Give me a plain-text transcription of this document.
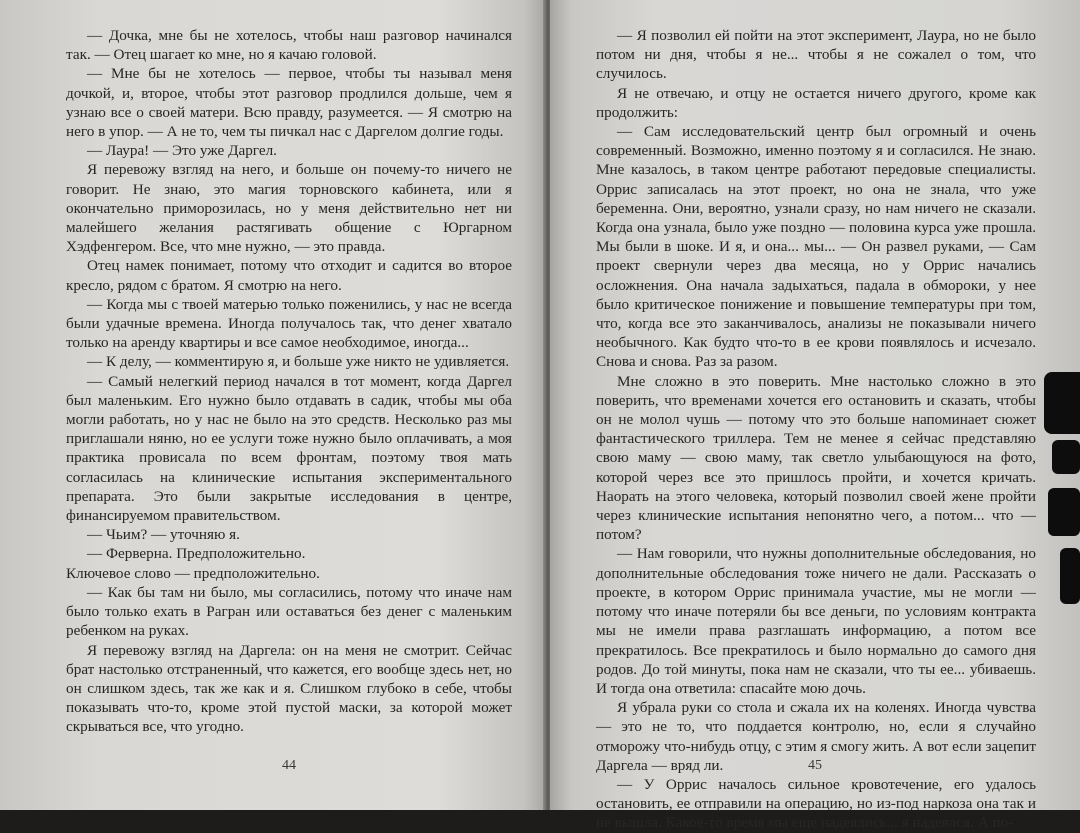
— Дочка, мне бы не хотелось, чтобы наш разговор начинался так. — Отец шагает ко мне, но я качаю головой.

— Мне бы не хотелось — первое, чтобы ты называл меня дочкой, и, второе, чтобы этот разговор продлился дольше, чем я узнаю все о своей матери. Всю правду, разумеется. — Я смотрю на него в упор. — А не то, чем ты пичкал нас с Даргелом долгие годы.

— Лаура! — Это уже Даргел.

Я перевожу взгляд на него, и больше он почему-то ничего не говорит. Не знаю, это магия торновского кабинета, или я окончательно приморозилась, но у меня действительно нет ни малейшего желания растягивать общение с Юргарном Хэдфенгером. Все, что мне нужно, — это правда.

Отец намек понимает, потому что отходит и садится во второе кресло, рядом с братом. Я смотрю на него.

— Когда мы с твоей матерью только поженились, у нас не всегда были удачные времена. Иногда получалось так, что денег хватало только на аренду квартиры и все самое необходимое, иногда...

— К делу, — комментирую я, и больше уже никто не удивляется.

— Самый нелегкий период начался в тот момент, когда Даргел был маленьким. Его нужно было отдавать в садик, чтобы мы оба могли работать, но у нас не было на это средств. Несколько раз мы приглашали няню, но ее услуги тоже нужно было оплачивать, а моя практика провисала по всем фронтам, поэтому твоя мать согласилась на клинические испытания экспериментального препарата. Это были закрытые исследования в центре, финансируемом правительством.

— Чьим? — уточняю я.

— Ферверна. Предположительно.

Ключевое слово — предположительно.

— Как бы там ни было, мы согласились, потому что иначе нам было только ехать в Рагран или оставаться без денег с маленьким ребенком на руках.

Я перевожу взгляд на Даргела: он на меня не смотрит. Сейчас брат настолько отстраненный, что кажется, его вообще здесь нет, но он слишком здесь, так же как и я. Слишком глубоко в себе, чтобы показывать что-то, кроме этой пустой маски, за которой может скрываться все, что угодно.

44

— Я позволил ей пойти на этот эксперимент, Лаура, но не было потом ни дня, чтобы я не... чтобы я не сожалел о том, что случилось.

Я не отвечаю, и отцу не остается ничего другого, кроме как продолжить:

— Сам исследовательский центр был огромный и очень современный. Возможно, именно поэтому я и согласился. Не знаю. Мне казалось, в таком центре работают передовые специалисты. Оррис записалась на этот проект, но она не знала, что уже беременна. Они, вероятно, узнали сразу, но нам ничего не сказали. Когда она узнала, было уже поздно — половина курса уже прошла. Мы были в шоке. И я, и она... мы... — Он развел руками, — Сам проект свернули через два месяца, но у Оррис начались осложнения. Она начала задыхаться, падала в обмороки, у нее было критическое понижение и повышение температуры при том, что, когда все это заканчивалось, анализы не показывали ничего необычного. Как будто что-то в ее крови появлялось и исчезало. Снова и снова. Раз за разом.

Мне сложно в это поверить. Мне настолько сложно в это поверить, что временами хочется его остановить и сказать, чтобы он не молол чушь — потому что это больше напоминает сюжет фантастического триллера. Тем не менее я сейчас представляю свою маму — свою маму, так светло улыбающуюся на фото, которой через все это пришлось пройти, и хочется кричать. Наорать на этого человека, который позволил своей жене пройти через клинические испытания непонятно чего, а потом... что — потом?

— Нам говорили, что нужны дополнительные обследования, но дополнительные обследования тоже ничего не дали. Рассказать о проекте, в котором Оррис принимала участие, мы не могли — потому что иначе потеряли бы все деньги, по условиям контракта мы не имели права разглашать информацию, а потом все прекратилось. Все прекратилось и было нормально до самого дня родов. До той минуты, пока нам не сказали, что ты ее... убиваешь. И тогда она ответила: спасайте мою дочь.

Я убрала руки со стола и сжала их на коленях. Иногда чувства — это не то, что поддается контролю, но, если я случайно отморожу что-нибудь отцу, с этим я смогу жить. А вот если зацепит Даргела — вряд ли.

— У Оррис началось сильное кровотечение, его удалось остановить, ее отправили на операцию, но из-под наркоза она так и не вышла. Какое-то время мы еще надеялись... я надеялся. А по-

45
